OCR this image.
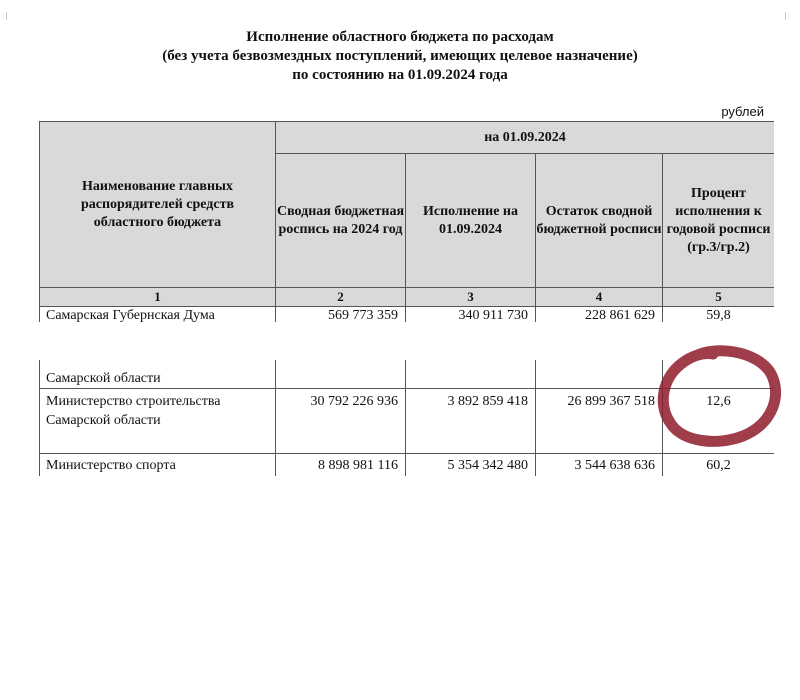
Исполнение областного бюджета по расходам
(без учета безвозмездных поступлений, имеющих целевое назначение)
по состоянию на 01.09.2024 года
рублей
Наименование главных распорядителей средств областного бюджета	на 01.09.2024			
	Сводная бюджетная роспись на 2024 год	Исполнение на 01.09.2024	Остаток сводной бюджетной росписи	Процент исполнения к годовой росписи (гр.3/гр.2)
1	2	3	4	5
Самарская Губернская Дума	569 773 359	340 911 730	228 861 629	59,8
Самарской области				
Министерство строительства Самарской области	30 792 226 936	3 892 859 418	26 899 367 518	12,6
Министерство спорта	8 898 981 116	5 354 342 480	3 544 638 636	60,2
